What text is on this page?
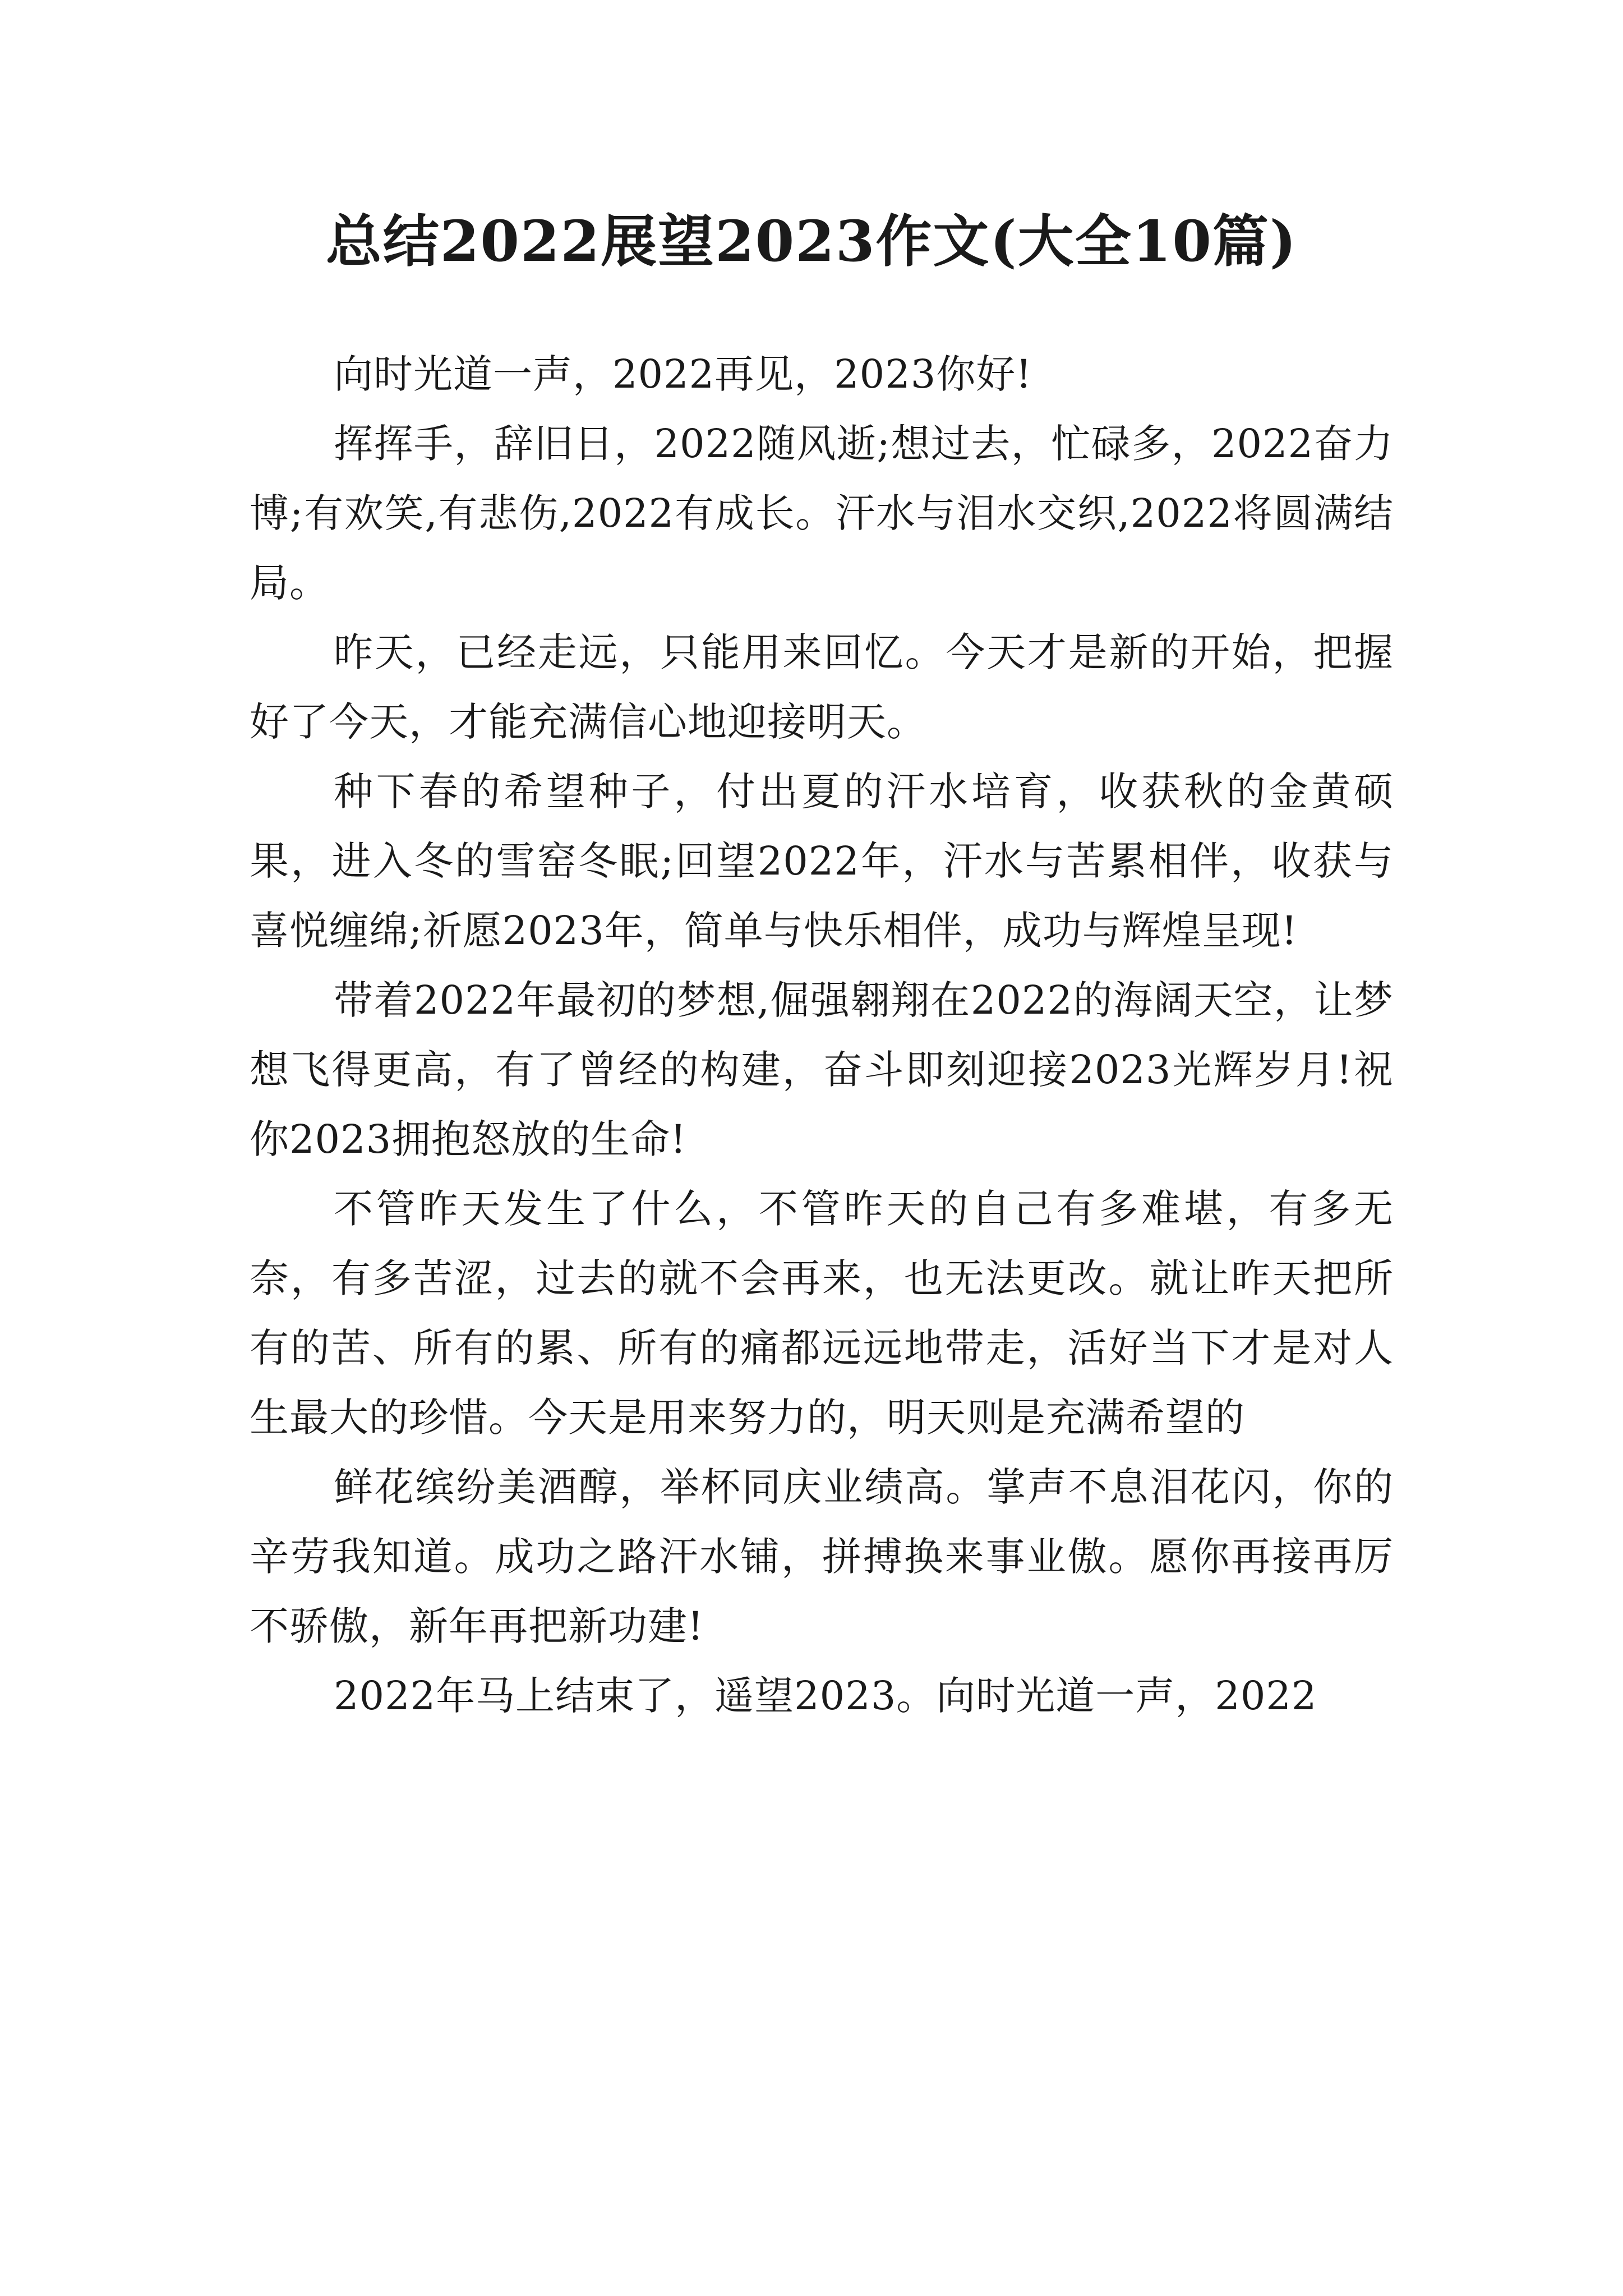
总结2022展望2023作文(大全10篇)

向时光道一声，2022再见，2023你好!

挥挥手，辞旧日，2022随风逝;想过去，忙碌多，2022奋力博;有欢笑,有悲伤,2022有成长。汗水与泪水交织,2022将圆满结局。

昨天，已经走远，只能用来回忆。今天才是新的开始，把握好了今天，才能充满信心地迎接明天。

种下春的希望种子，付出夏的汗水培育，收获秋的金黄硕果，进入冬的雪窑冬眠;回望2022年，汗水与苦累相伴，收获与喜悦缠绵;祈愿2023年，简单与快乐相伴，成功与辉煌呈现!

带着2022年最初的梦想,倔强翱翔在2022的海阔天空，让梦想飞得更高，有了曾经的构建，奋斗即刻迎接2023光辉岁月!祝你2023拥抱怒放的生命!

不管昨天发生了什么，不管昨天的自己有多难堪，有多无奈，有多苦涩，过去的就不会再来，也无法更改。就让昨天把所有的苦、所有的累、所有的痛都远远地带走，活好当下才是对人生最大的珍惜。今天是用来努力的，明天则是充满希望的

鲜花缤纷美酒醇，举杯同庆业绩高。掌声不息泪花闪，你的辛劳我知道。成功之路汗水铺，拼搏换来事业傲。愿你再接再厉不骄傲，新年再把新功建!

2022年马上结束了，遥望2023。向时光道一声，2022
